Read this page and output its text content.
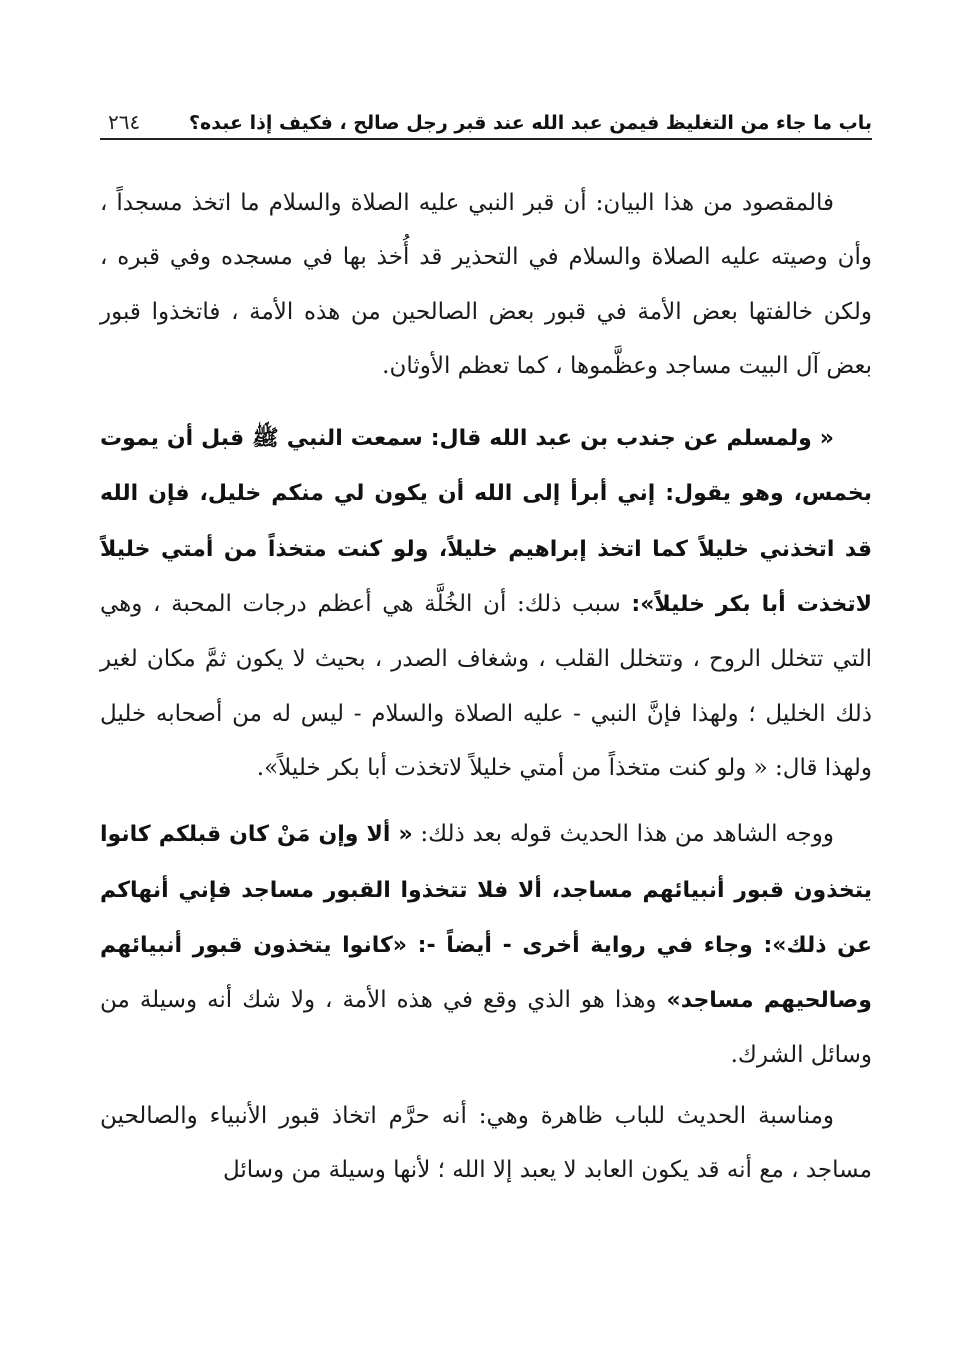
باب ما جاء من التغليظ فيمن عبد الله عند قبر رجل صالح ، فكيف إذا عبده؟
٢٦٤

فالمقصود من هذا البيان: أن قبر النبي عليه الصلاة والسلام ما اتخذ مسجداً ، وأن وصيته عليه الصلاة والسلام في التحذير قد أُخذ بها في مسجده وفي قبره ، ولكن خالفتها بعض الأمة في قبور بعض الصالحين من هذه الأمة ، فاتخذوا قبور بعض آل البيت مساجد وعظَّموها ، كما تعظم الأوثان.

« ولمسلم عن جندب بن عبد الله قال: سمعت النبي ﷺ قبل أن يموت بخمس، وهو يقول: إني أبرأ إلى الله أن يكون لي منكم خليل، فإن الله قد اتخذني خليلاً كما اتخذ إبراهيم خليلاً، ولو كنت متخذاً من أمتي خليلاً لاتخذت أبا بكر خليلاً»: سبب ذلك: أن الخُلَّة هي أعظم درجات المحبة ، وهي التي تتخلل الروح ، وتتخلل القلب ، وشغاف الصدر ، بحيث لا يكون ثمَّ مكان لغير ذلك الخليل ؛ ولهذا فإنَّ النبي - عليه الصلاة والسلام - ليس له من أصحابه خليل ولهذا قال: « ولو كنت متخذاً من أمتي خليلاً لاتخذت أبا بكر خليلاً».

ووجه الشاهد من هذا الحديث قوله بعد ذلك: « ألا وإن مَنْ كان قبلكم كانوا يتخذون قبور أنبيائهم مساجد، ألا فلا تتخذوا القبور مساجد فإني أنهاكم عن ذلك»: وجاء في رواية أخرى - أيضاً -: «كانوا يتخذون قبور أنبيائهم وصالحيهم مساجد» وهذا هو الذي وقع في هذه الأمة ، ولا شك أنه وسيلة من وسائل الشرك.

ومناسبة الحديث للباب ظاهرة وهي: أنه حرَّم اتخاذ قبور الأنبياء والصالحين مساجد ، مع أنه قد يكون العابد لا يعبد إلا الله ؛ لأنها وسيلة من وسائل
